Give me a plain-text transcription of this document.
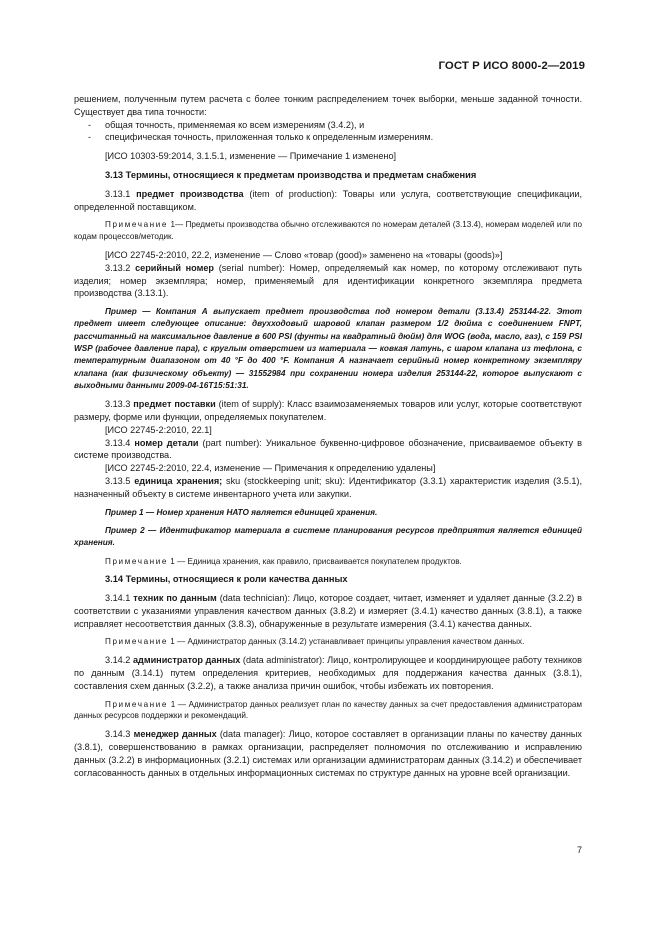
ГОСТ Р ИСО 8000-2—2019

решением, полученным путем расчета с более тонким распределением точек выборки, меньше заданной точности. Существует два типа точности:

-	общая точность, применяемая ко всем измерениям (3.4.2), и

-	специфическая точность, приложенная только к определенным измерениям.

[ИСО 10303-59:2014, 3.1.5.1, изменение — Примечание 1 изменено]

3.13 Термины, относящиеся к предметам производства и предметам снабжения

3.13.1 предмет производства (item of production): Товары или услуга, соответствующие спецификации, определенной поставщиком.

Примечание 1— Предметы производства обычно отслеживаются по номерам деталей (3.13.4), номерам моделей или по кодам процессов/методик.

[ИСО 22745-2:2010, 22.2, изменение — Слово «товар (good)» заменено на «товары (goods)»]

3.13.2 серийный номер (serial number): Номер, определяемый как номер, по которому отслеживают путь изделия; номер экземпляра; номер, применяемый для идентификации конкретного экземпляра предмета производства (3.13.1).

Пример — Компания А выпускает предмет производства под номером детали (3.13.4) 253144-22. Этот предмет имеет следующее описание: двухходовый шаровой клапан размером 1/2 дюйма с соединением FNPT, рассчитанный на максимальное давление в 600 PSI (фунты на квадратный дюйм) для WOG (вода, масло, газ), с 159 PSI WSP (рабочее давление пара), с круглым отверстием из материала — ковкая латунь, с шаром клапана из тефлона, с температурным диапазоном от 40 °F до 400 °F. Компания А назначает серийный номер конкретному экземпляру клапана (как физическому объекту) — 31552984 при сохранении номера изделия 253144-22, которое выпускают с выходными данными 2009-04-16T15:51:31.

3.13.3 предмет поставки (item of supply): Класс взаимозаменяемых товаров или услуг, которые соответствуют размеру, форме или функции, определяемых покупателем.

[ИСО 22745-2:2010, 22.1]

3.13.4 номер детали (part number): Уникальное буквенно-цифровое обозначение, присваиваемое объекту в системе производства.

[ИСО 22745-2:2010, 22.4, изменение — Примечания к определению удалены]

3.13.5 единица хранения; sku (stockkeeping unit; sku): Идентификатор (3.3.1) характеристик изделия (3.5.1), назначенный объекту в системе инвентарного учета или закупки.

Пример 1 — Номер хранения НАТО является единицей хранения.

Пример 2 — Идентификатор материала в системе планирования ресурсов предприятия является единицей хранения.

Примечание 1 — Единица хранения, как правило, присваивается покупателем продуктов.

3.14 Термины, относящиеся к роли качества данных

3.14.1 техник по данным (data technician): Лицо, которое создает, читает, изменяет и удаляет данные (3.2.2) в соответствии с указаниями управления качеством данных (3.8.2) и измеряет (3.4.1) качество данных (3.8.1), а также исправляет несоответствия данных (3.8.3), обнаруженные в результате измерения (3.4.1) качества данных.

Примечание 1 — Администратор данных (3.14.2) устанавливает принципы управления качеством данных.

3.14.2 администратор данных (data administrator): Лицо, контролирующее и координирующее работу техников по данным (3.14.1) путем определения критериев, необходимых для поддержания качества данных (3.8.1), составления схем данных (3.2.2), а также анализа причин ошибок, чтобы избежать их повторения.

Примечание 1 — Администратор данных реализует план по качеству данных за счет предоставления администраторам данных ресурсов поддержки и рекомендаций.

3.14.3 менеджер данных (data manager): Лицо, которое составляет в организации планы по качеству данных (3.8.1), совершенствованию в рамках организации, распределяет полномочия по отслеживанию и исправлению данных (3.2.2) в информационных (3.2.1) системах или организации администраторам данных (3.14.2) и обеспечивает согласованность данных в отдельных информационных системах по структуре данных на уровне всей организации.

7
